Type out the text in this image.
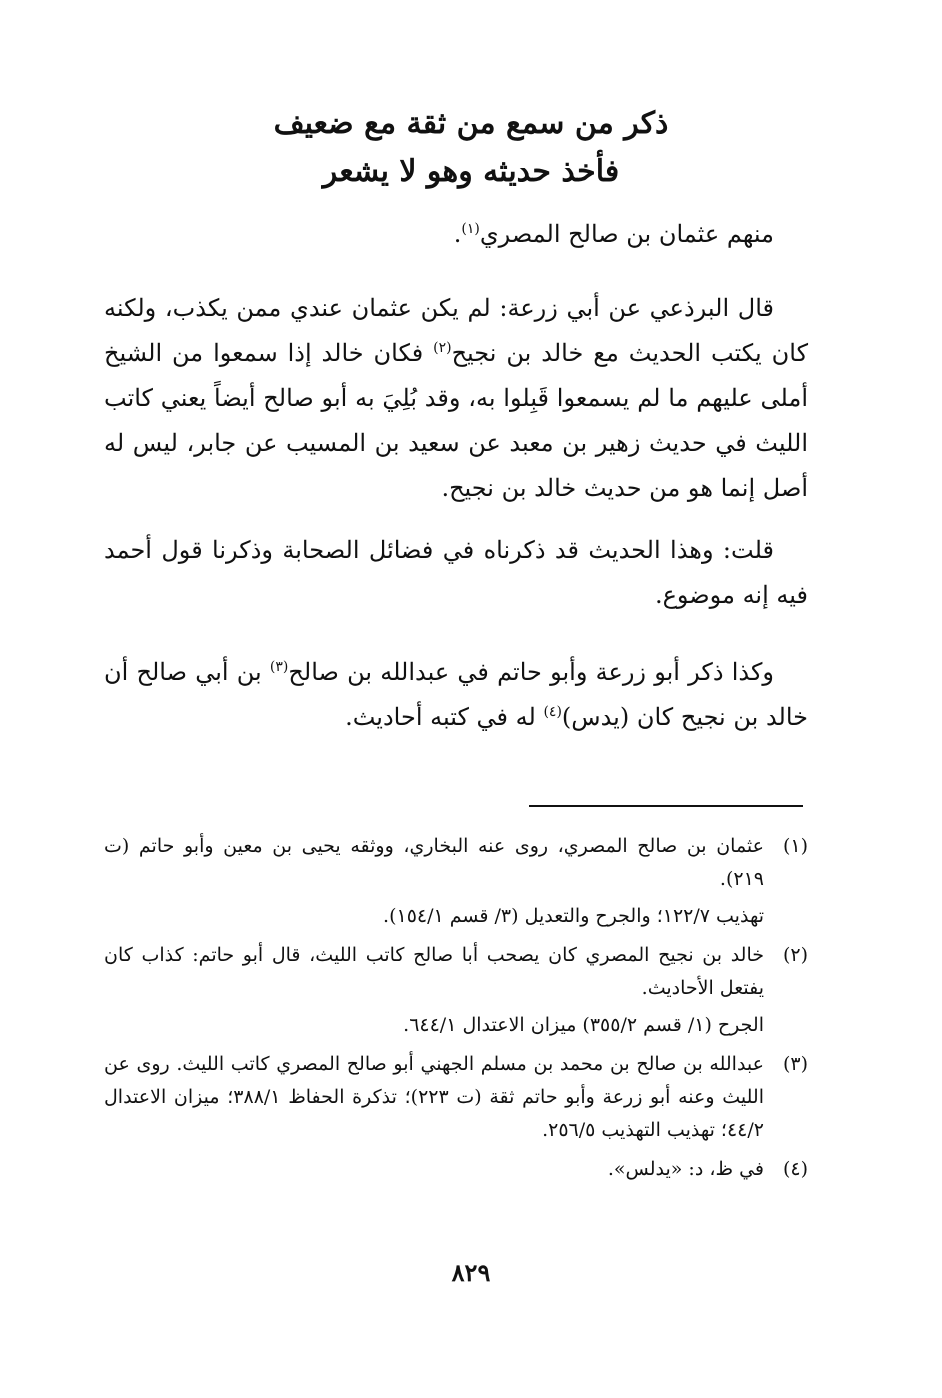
ذكر من سمع من ثقة مع ضعيف
فأخذ حديثه وهو لا يشعر
منهم عثمان بن صالح المصري$^{(١)}$.
قال البرذعي عن أبي زرعة: لم يكن عثمان عندي ممن يكذب، ولكنه كان يكتب الحديث مع خالد بن نجيح$^{(٢)}$ فكان خالد إذا سمعوا من الشيخ أملى عليهم ما لم يسمعوا قَبِلوا به، وقد بُلِيَ به أبو صالح أيضاً يعني كاتب الليث في حديث زهير بن معبد عن سعيد بن المسيب عن جابر، ليس له أصل إنما هو من حديث خالد بن نجيح.
قلت: وهذا الحديث قد ذكرناه في فضائل الصحابة وذكرنا قول أحمد فيه إنه موضوع.
وكذا ذكر أبو زرعة وأبو حاتم في عبدالله بن صالح$^{(٣)}$ بن أبي صالح أن خالد بن نجيح كان (يدس)$^{(٤)}$ له في كتبه أحاديث.
(١)
عثمان بن صالح المصري، روى عنه البخاري، ووثقه يحيى بن معين وأبو حاتم (ت ٢١٩).
تهذيب ١٢٢/٧؛ والجرح والتعديل (٣/ قسم ١٥٤/١).
(٢)
خالد بن نجيح المصري كان يصحب أبا صالح كاتب الليث، قال أبو حاتم: كذاب كان يفتعل الأحاديث.
الجرح (١/ قسم ٣٥٥/٢) ميزان الاعتدال ٦٤٤/١.
(٣)
عبدالله بن صالح بن محمد بن مسلم الجهني أبو صالح المصري كاتب الليث. روى عن الليث وعنه أبو زرعة وأبو حاتم ثقة (ت ٢٢٣)؛ تذكرة الحفاظ ٣٨٨/١؛ ميزان الاعتدال ٤٤/٢؛ تهذيب التهذيب ٢٥٦/٥.
(٤)
في ظ، د: «يدلس».
٨٢٩
